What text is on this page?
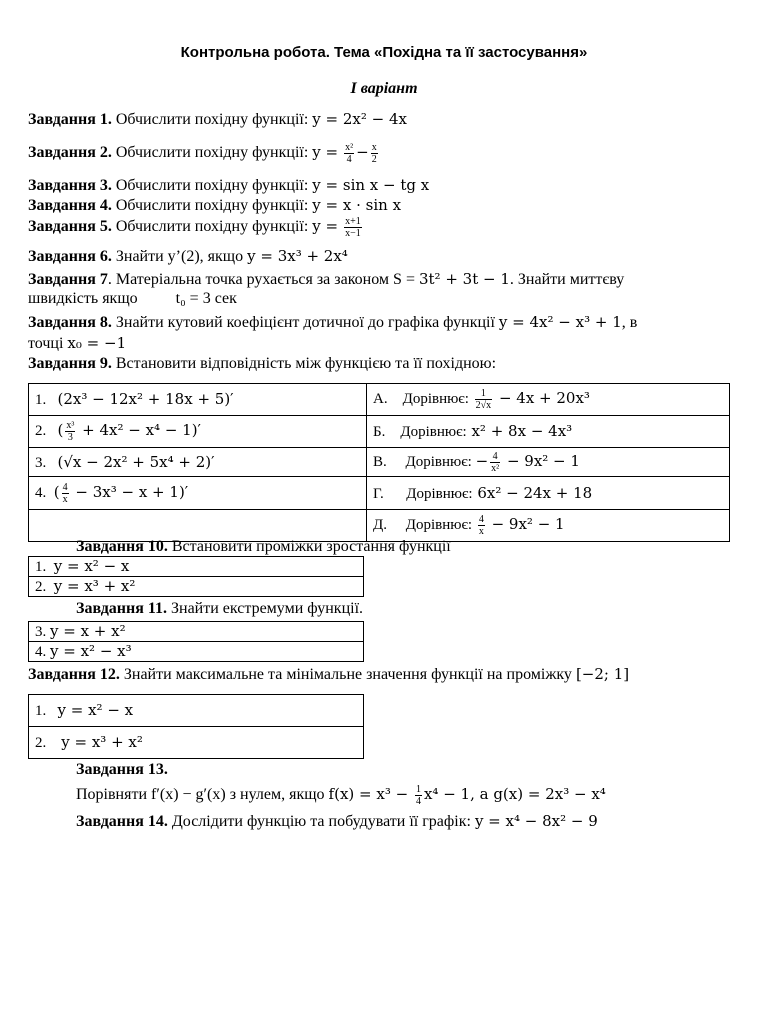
Контрольна робота. Тема «Похідна та її застосування»
I варіант
Завдання 1. Обчислити похідну функції: y = 2x² − 4x
Завдання 2. Обчислити похідну функції: $y = \frac{\text{x²}}{4} - \frac{x}{2}$
Завдання 3. Обчислити похідну функції: y = sin x − tg x
Завдання 4. Обчислити похідну функції: y = x · sin x
Завдання 5. Обчислити похідну функції: $y = \frac{x+1}{x-1}$
Завдання 6. Знайти y’(2), якщо y = 3x³ + 2x⁴
Завдання 7. Матеріальна точка рухається за законом S = 3t² + 3t − 1. Знайти миттєву
швидкість якщо t₀ = 3 сек
Завдання 8. Знайти кутовий коефіцієнт дотичної до графіка функції y = 4x² − x³ + 1, в
точці x₀ = −1
Завдання 9. Встановити відповідність між функцією та її похідною:
1. (2x³ − 12x² + 18x + 5)′	А. Дорівнює: $\frac{1}{2√x} - 4x + 20x^3$
2. ( $\frac{\text{x³}}{3} + 4x^2 - x^4 - 1)'$	Б. Дорівнює: x² + 8x − 4x³
3. (√x − 2x² + 5x⁴ + 2)′	В. Дорівнює: − $\frac{4}{\text{x²}} - 9x^2 - 1$
4. ( $\frac{4}{x} - 3x^3 - x + 1)'$	Г. Дорівнює: 6x² − 24x + 18
	Д. Дорівнює: $\frac{4}{x} - 9x^2 - 1$
Завдання 10. Встановити проміжки зростання функції
1. y = x² − x
2. y = x³ + x²
Завдання 11. Знайти екстремуми функції.
3. y = x + x²
4. y = x² − x³
Завдання 12. Знайти максимальне та мінімальне значення функції на проміжку [−2; 1]
1. y = x² − x
2. y = x³ + x²
Завдання 13.
Порівняти f′(x) − g′(x) з нулем, якщо $f(x) = x^3 - \frac{1}{4} x^4 - 1$, а g(x) = 2x³ − x⁴
Завдання 14. Дослідити функцію та побудувати її графік: y = x⁴ − 8x² − 9
